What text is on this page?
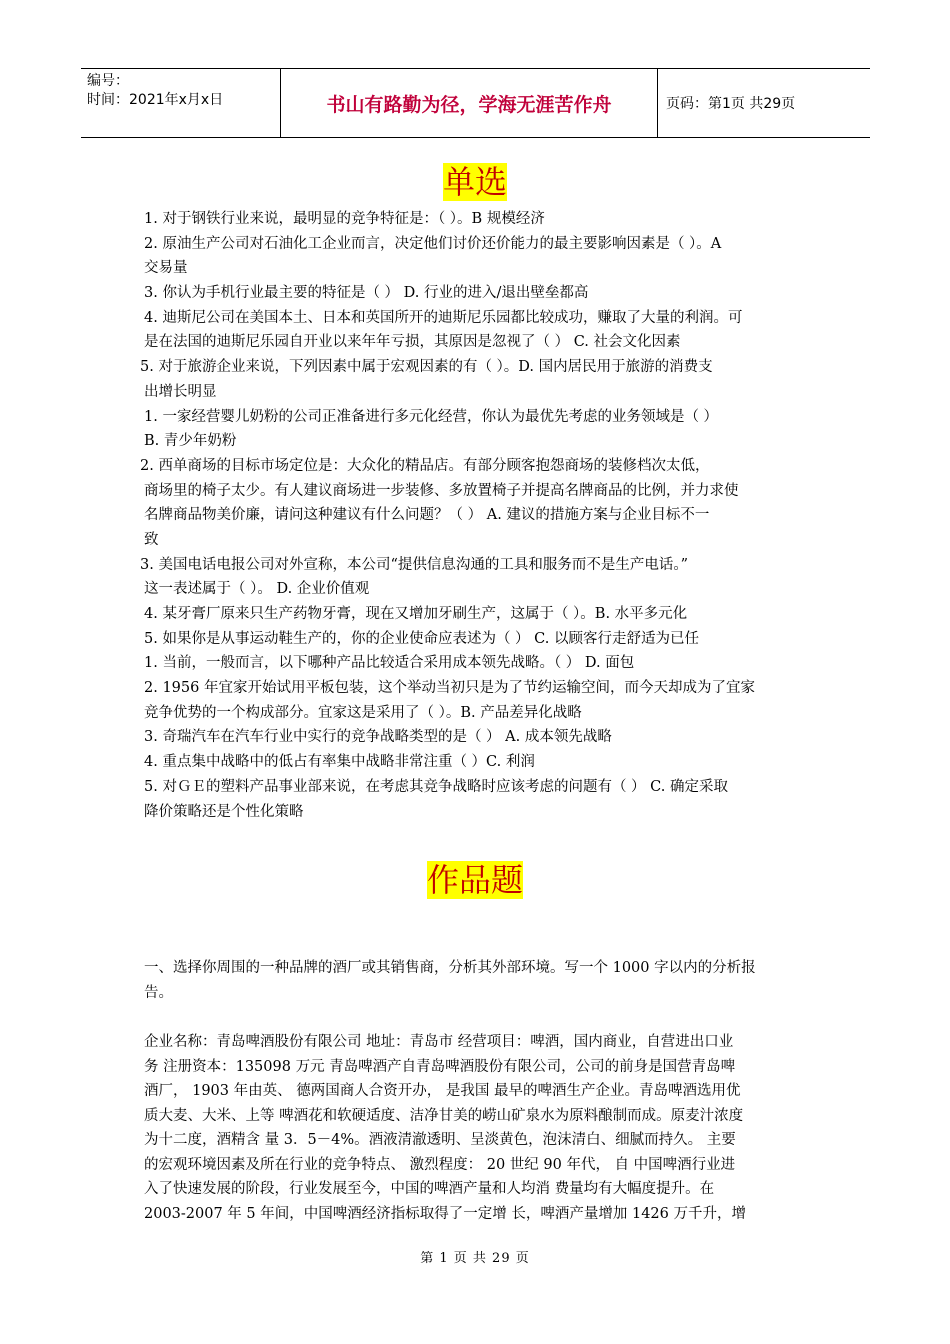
编号：
时间：2021年x月x日	书山有路勤为径，学海无涯苦作舟	页码：第1页 共29页
单选
1. 对于钢铁行业来说，最明显的竞争特征是：（ ）。B 规模经济
2. 原油生产公司对石油化工企业而言，决定他们讨价还价能力的最主要影响因素是（ ）。A
交易量
3. 你认为手机行业最主要的特征是（ ） D. 行业的进入/退出壁垒都高
4. 迪斯尼公司在美国本土、日本和英国所开的迪斯尼乐园都比较成功，赚取了大量的利润。可
是在法国的迪斯尼乐园自开业以来年年亏损，其原因是忽视了（ ） C. 社会文化因素
5. 对于旅游企业来说，下列因素中属于宏观因素的有（ ）。D. 国内居民用于旅游的消费支
出增长明显
1. 一家经营婴儿奶粉的公司正准备进行多元化经营，你认为最优先考虑的业务领域是（ ）
B. 青少年奶粉
2. 西单商场的目标市场定位是：大众化的精品店。有部分顾客抱怨商场的装修档次太低，
商场里的椅子太少。有人建议商场进一步装修、多放置椅子并提高名牌商品的比例，并力求使
名牌商品物美价廉，请问这种建议有什么问题？（ ） A. 建议的措施方案与企业目标不一
致
3. 美国电话电报公司对外宣称，本公司“提供信息沟通的工具和服务而不是生产电话。”
这一表述属于（ ）。 D. 企业价值观
4. 某牙膏厂原来只生产药物牙膏，现在又增加牙刷生产，这属于（ ）。B. 水平多元化
5. 如果你是从事运动鞋生产的，你的企业使命应表述为（ ） C. 以顾客行走舒适为已任
1. 当前，一般而言，以下哪种产品比较适合采用成本领先战略。（ ） D. 面包
2. 1956 年宜家开始试用平板包装，这个举动当初只是为了节约运输空间，而今天却成为了宜家
竞争优势的一个构成部分。宜家这是采用了（ ）。B. 产品差异化战略
3. 奇瑞汽车在汽车行业中实行的竞争战略类型的是（ ） A. 成本领先战略
4. 重点集中战略中的低占有率集中战略非常注重（ ）C. 利润
5. 对ＧＥ的塑料产品事业部来说，在考虑其竞争战略时应该考虑的问题有（ ） C. 确定采取
降价策略还是个性化策略
作品题
一、选择你周围的一种品牌的酒厂或其销售商，分析其外部环境。写一个 1000 字以内的分析报
告。
企业名称：青岛啤酒股份有限公司 地址：青岛市 经营项目：啤酒，国内商业，自营进出口业
务 注册资本：135098 万元 青岛啤酒产自青岛啤酒股份有限公司，公司的前身是国营青岛啤
酒厂， 1903 年由英、 德两国商人合资开办， 是我国 最早的啤酒生产企业。青岛啤酒选用优
质大麦、大米、上等 啤酒花和软硬适度、洁净甘美的崂山矿泉水为原料酿制而成。原麦汁浓度
为十二度，酒精含 量 3．5－4%。酒液清澈透明、呈淡黄色，泡沫清白、细腻而持久。 主要
的宏观环境因素及所在行业的竞争特点、 激烈程度： 20 世纪 90 年代， 自 中国啤酒行业进
入了快速发展的阶段，行业发展至今，中国的啤酒产量和人均消 费量均有大幅度提升。在
2003-2007 年 5 年间，中国啤酒经济指标取得了一定增 长，啤酒产量增加 1426 万千升，增
第 1 页 共 29 页
